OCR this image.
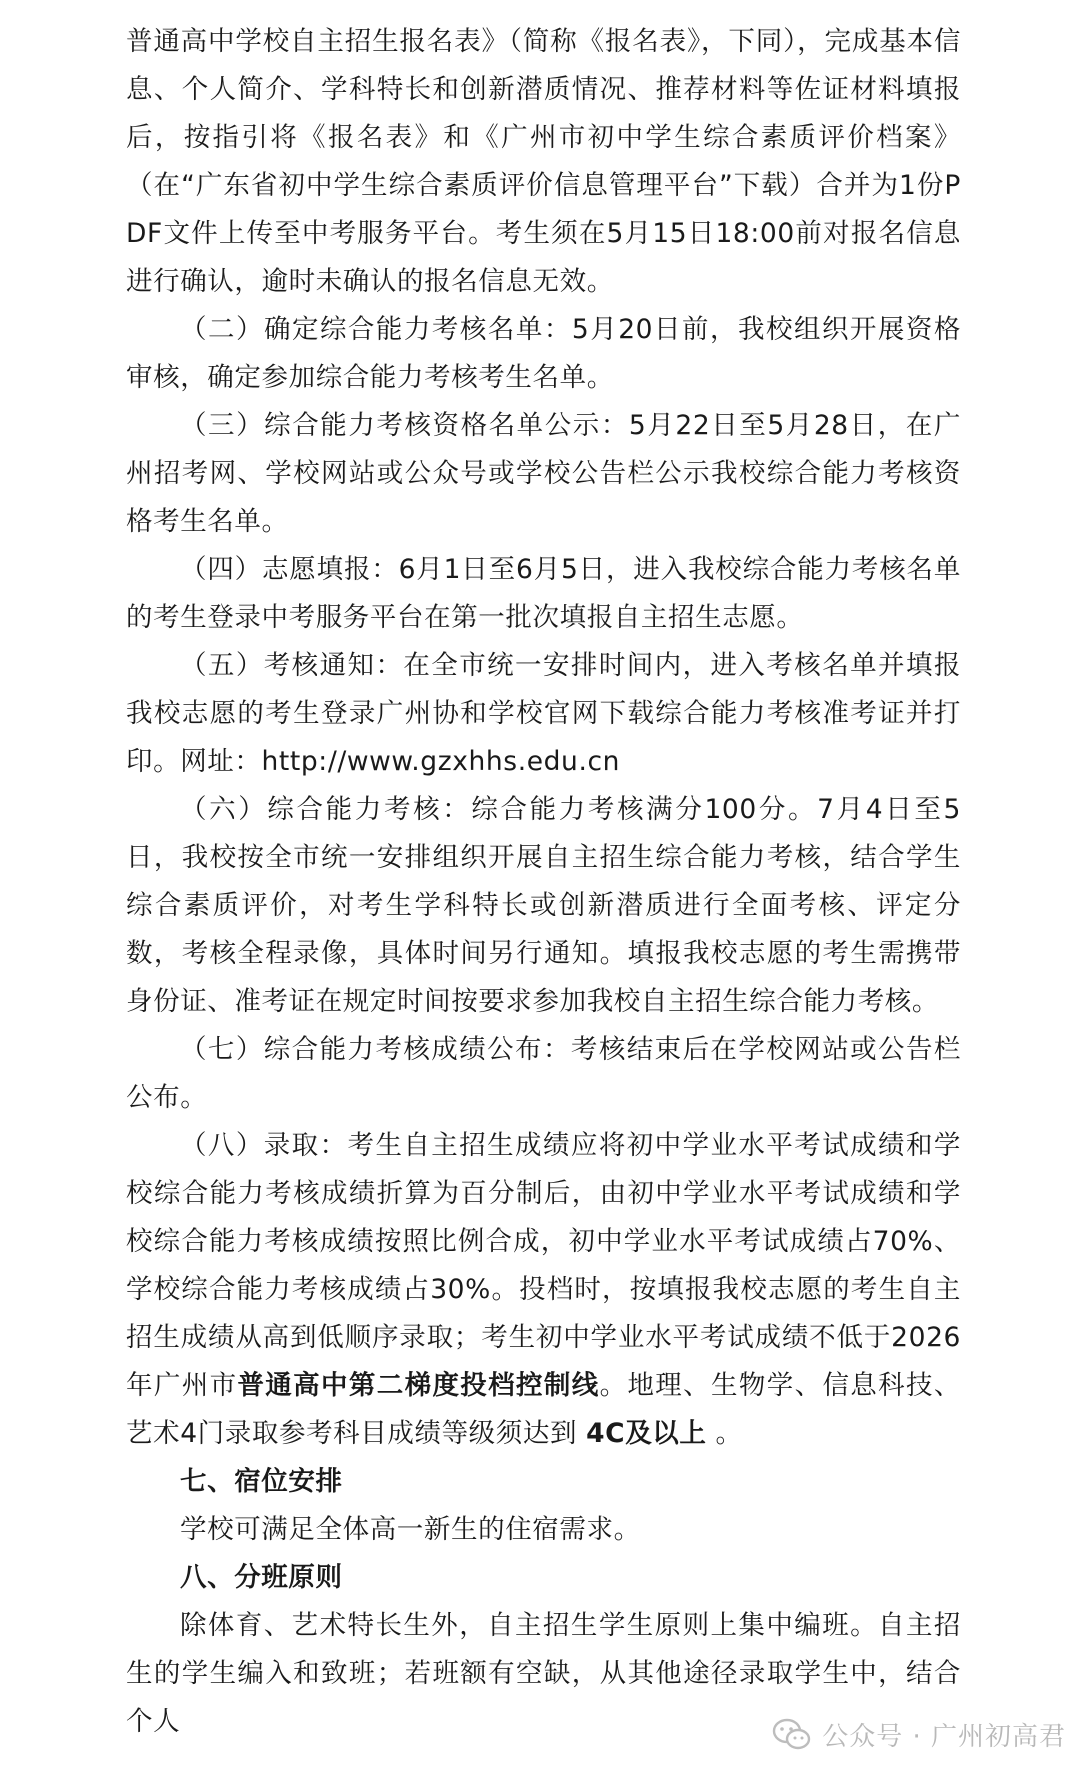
普通高中学校自主招生报名表》（简称《报名表》，下同），完成基本信息、个人简介、学科特长和创新潜质情况、推荐材料等佐证材料填报后，按指引将《报名表》和《广州市初中学生综合素质评价档案》（在“广东省初中学生综合素质评价信息管理平台”下载）合并为1份PDF文件上传至中考服务平台。考生须在5月15日18:00前对报名信息进行确认，逾时未确认的报名信息无效。

（二）确定综合能力考核名单：5月20日前，我校组织开展资格审核，确定参加综合能力考核考生名单。

（三）综合能力考核资格名单公示：5月22日至5月28日，在广州招考网、学校网站或公众号或学校公告栏公示我校综合能力考核资格考生名单。

（四）志愿填报：6月1日至6月5日，进入我校综合能力考核名单的考生登录中考服务平台在第一批次填报自主招生志愿。

（五）考核通知：在全市统一安排时间内，进入考核名单并填报我校志愿的考生登录广州协和学校官网下载综合能力考核准考证并打印。网址：http://www.gzxhhs.edu.cn

（六）综合能力考核：综合能力考核满分100分。7月4日至5日，我校按全市统一安排组织开展自主招生综合能力考核，结合学生综合素质评价，对考生学科特长或创新潜质进行全面考核、评定分数，考核全程录像，具体时间另行通知。填报我校志愿的考生需携带身份证、准考证在规定时间按要求参加我校自主招生综合能力考核。

（七）综合能力考核成绩公布：考核结束后在学校网站或公告栏公布。

（八）录取：考生自主招生成绩应将初中学业水平考试成绩和学校综合能力考核成绩折算为百分制后，由初中学业水平考试成绩和学校综合能力考核成绩按照比例合成，初中学业水平考试成绩占70%、学校综合能力考核成绩占30%。投档时，按填报我校志愿的考生自主招生成绩从高到低顺序录取；考生初中学业水平考试成绩不低于2026年广州市普通高中第二梯度投档控制线。地理、生物学、信息科技、艺术4门录取参考科目成绩等级须达到 4C及以上 。

七、宿位安排

学校可满足全体高一新生的住宿需求。

八、分班原则

除体育、艺术特长生外，自主招生学生原则上集中编班。自主招生的学生编入和致班；若班额有空缺，从其他途径录取学生中，结合个人	公众号 · 广州初高君
